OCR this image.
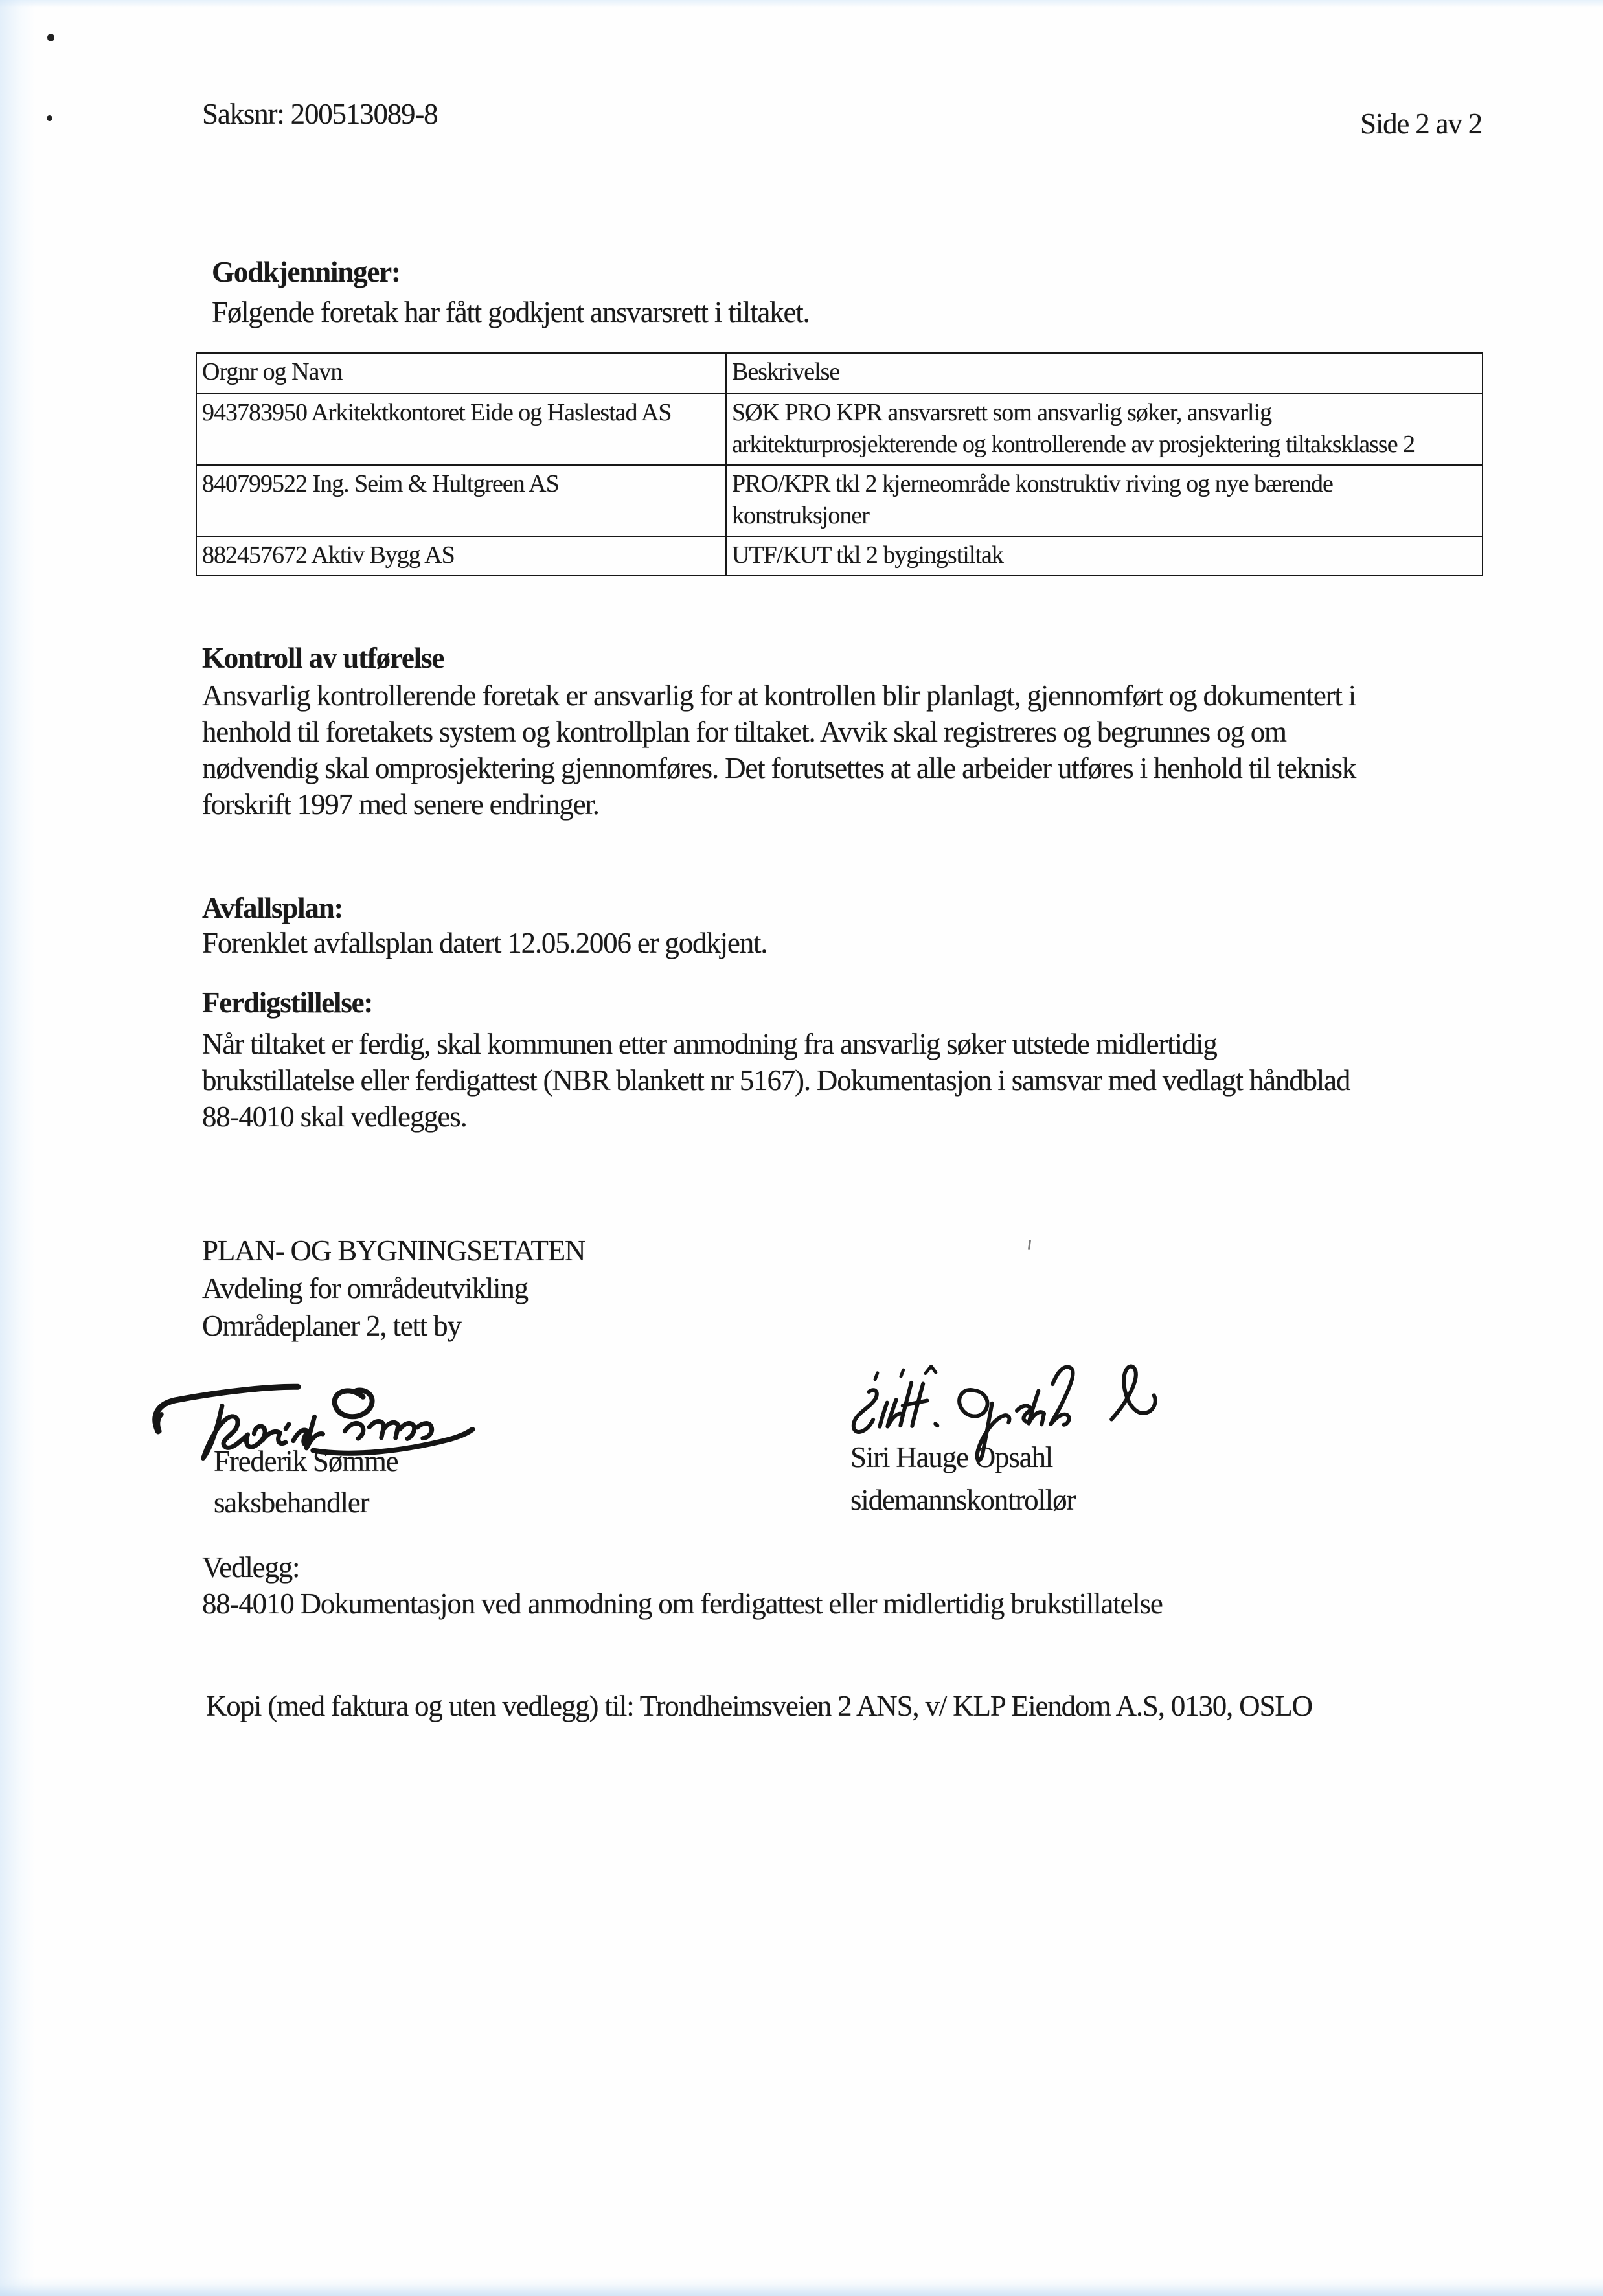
Saksnr: 200513089-8	Side 2 av 2
Godkjenninger:
Følgende foretak har fått godkjent ansvarsrett i tiltaket.
Orgnr og Navn	Beskrivelse
943783950 Arkitektkontoret Eide og Haslestad AS	SØK PRO KPR ansvarsrett som ansvarlig søker, ansvarlig
arkitekturprosjekterende og kontrollerende av prosjektering tiltaksklasse 2

840799522 Ing. Seim & Hultgreen AS	PRO/KPR tkl 2 kjerneområde konstruktiv riving og nye bærende
konstruksjoner

882457672 Aktiv Bygg AS	UTF/KUT tkl 2 bygingstiltak
Kontroll av utførelse
Ansvarlig kontrollerende foretak er ansvarlig for at kontrollen blir planlagt, gjennomført og dokumentert i
henhold til foretakets system og kontrollplan for tiltaket. Avvik skal registreres og begrunnes og om
nødvendig skal omprosjektering gjennomføres. Det forutsettes at alle arbeider utføres i henhold til teknisk
forskrift 1997 med senere endringer.
Avfallsplan:
Forenklet avfallsplan datert 12.05.2006 er godkjent.
Ferdigstillelse:
Når tiltaket er ferdig, skal kommunen etter anmodning fra ansvarlig søker utstede midlertidig
brukstillatelse eller ferdigattest (NBR blankett nr 5167). Dokumentasjon i samsvar med vedlagt håndblad
88-4010 skal vedlegges.
PLAN- OG BYGNINGSETATEN
Avdeling for områdeutvikling
Områdeplaner 2, tett by
Frederik Sømme
saksbehandler
Siri Hauge Opsahl
sidemannskontrollør
Vedlegg:
88-4010 Dokumentasjon ved anmodning om ferdigattest eller midlertidig brukstillatelse
Kopi (med faktura og uten vedlegg) til: Trondheimsveien 2 ANS, v/ KLP Eiendom A.S, 0130, OSLO
